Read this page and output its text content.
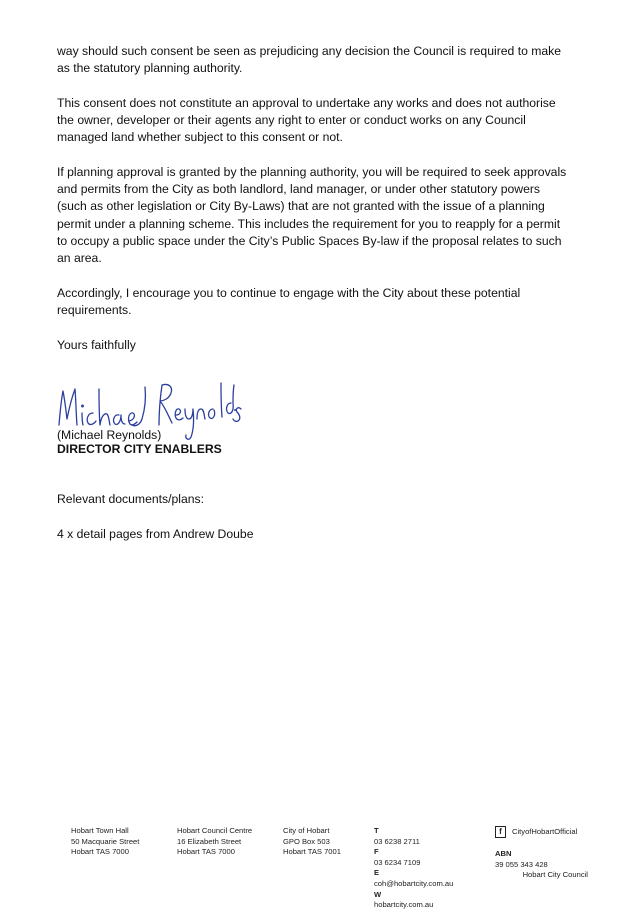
way should such consent be seen as prejudicing any decision the Council is required to make as the statutory planning authority.

This consent does not constitute an approval to undertake any works and does not authorise the owner, developer or their agents any right to enter or conduct works on any Council managed land whether subject to this consent or not.

If planning approval is granted by the planning authority, you will be required to seek approvals and permits from the City as both landlord, land manager, or under other statutory powers (such as other legislation or City By-Laws) that are not granted with the issue of a planning permit under a planning scheme. This includes the requirement for you to reapply for a permit to occupy a public space under the City’s Public Spaces By-law if the proposal relates to such an area.

Accordingly, I encourage you to continue to engage with the City about these potential requirements.

Yours faithfully
(Michael Reynolds)
DIRECTOR CITY ENABLERS
Relevant documents/plans:
4 x detail pages from Andrew Doube
Hobart Town Hall
50 Macquarie Street
Hobart TAS 7000
Hobart Council Centre
16 Elizabeth Street
Hobart TAS 7000
City of Hobart
GPO Box 503
Hobart TAS 7001
T
03 6238 2711
F
03 6234 7109
E
coh@hobartcity.com.au
W
hobartcity.com.au
f	CityofHobartOfficial
ABN
39 055 343 428
Hobart City Council
